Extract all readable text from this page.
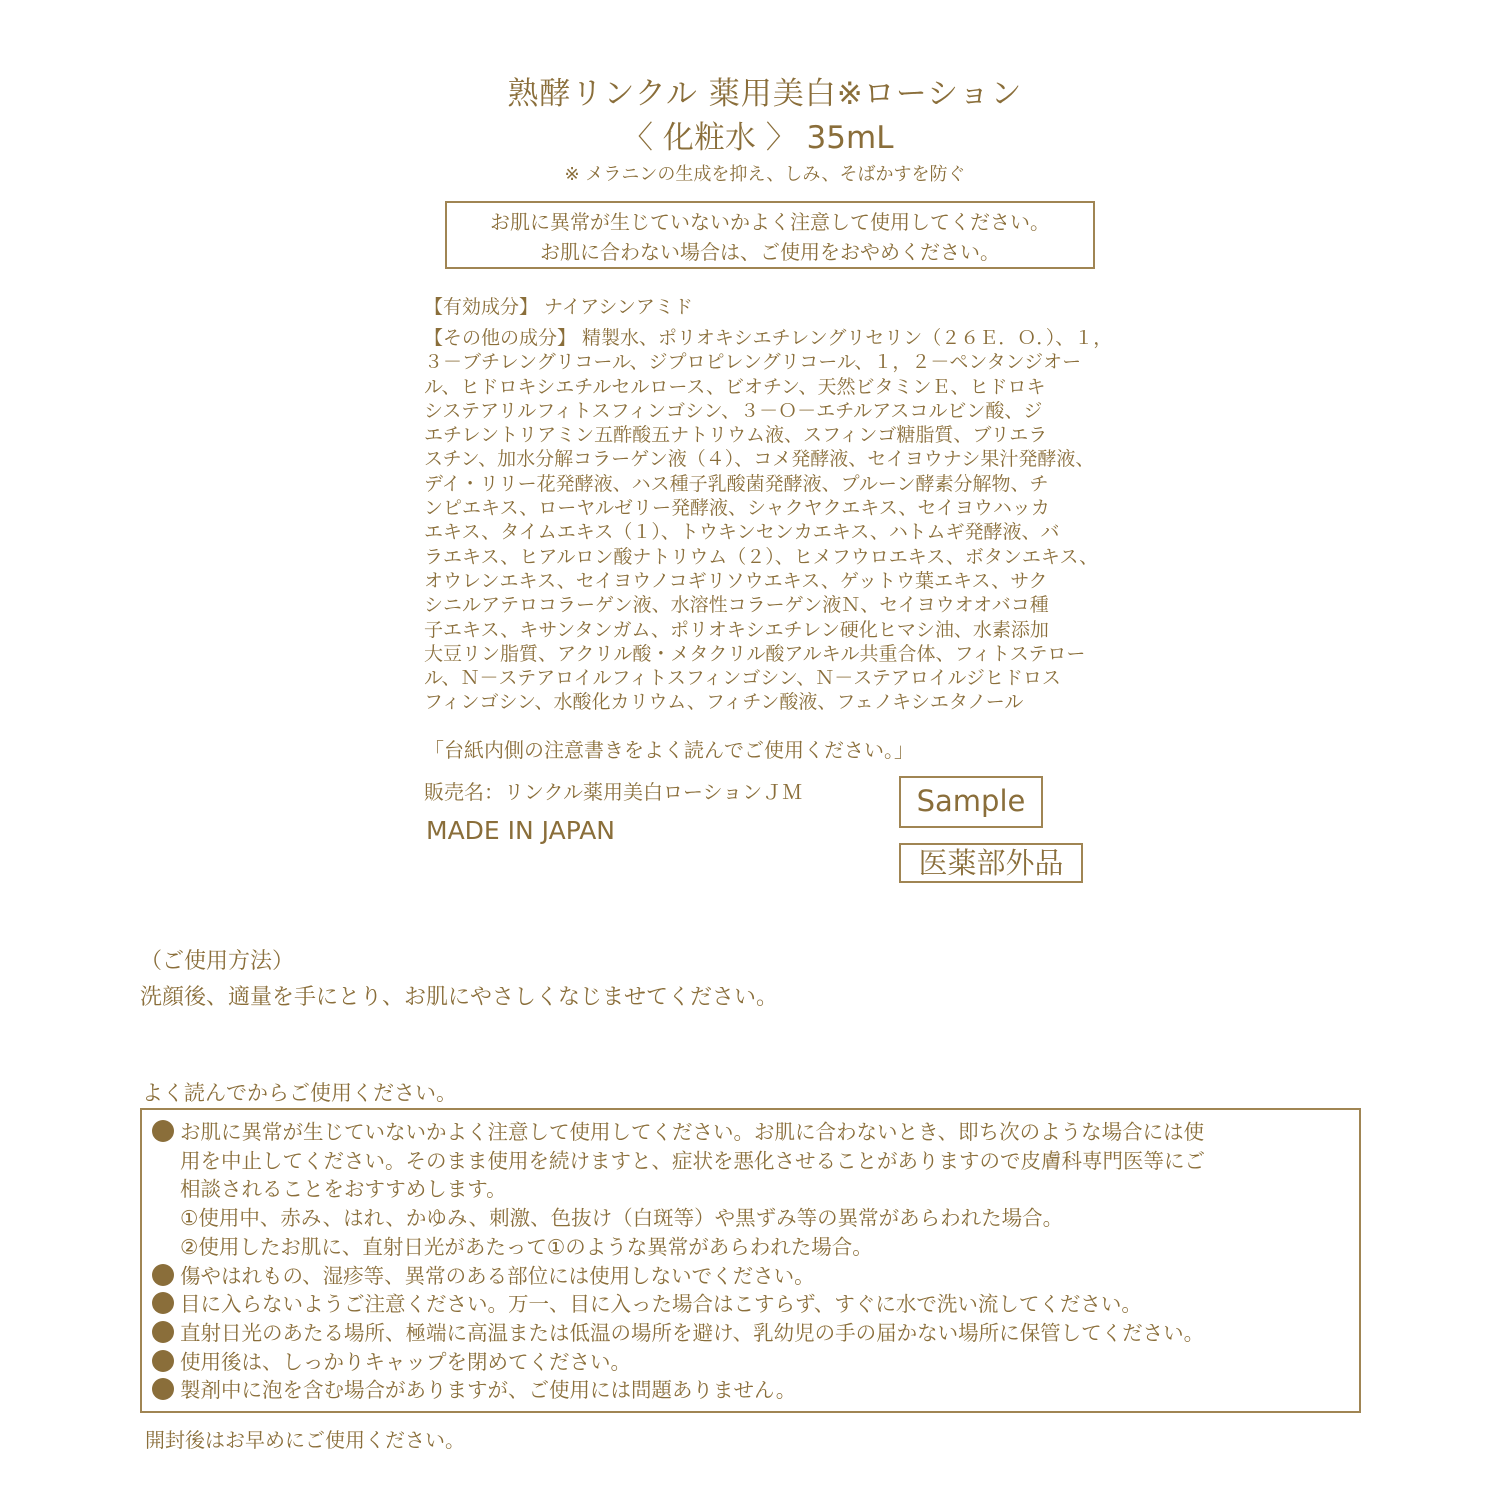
熟酵リンクル 薬用美白※ローション
〈 化粧水 〉 35mL
※ メラニンの生成を抑え、しみ、そばかすを防ぐ
お肌に異常が生じていないかよく注意して使用してください。
お肌に合わない場合は、ご使用をおやめください。
【有効成分】 ナイアシンアミド
【その他の成分】 精製水、ポリオキシエチレングリセリン（２６Ｅ．Ｏ．）、１，
３－ブチレングリコール、ジプロピレングリコール、１，２－ペンタンジオー
ル、ヒドロキシエチルセルロース、ビオチン、天然ビタミンＥ、ヒドロキ
システアリルフィトスフィンゴシン、３－Ｏ－エチルアスコルビン酸、ジ
エチレントリアミン五酢酸五ナトリウム液、スフィンゴ糖脂質、ブリエラ
スチン、加水分解コラーゲン液（４）、コメ発酵液、セイヨウナシ果汁発酵液、
デイ・リリー花発酵液、ハス種子乳酸菌発酵液、プルーン酵素分解物、チ
ンピエキス、ローヤルゼリー発酵液、シャクヤクエキス、セイヨウハッカ
エキス、タイムエキス（１）、トウキンセンカエキス、ハトムギ発酵液、バ
ラエキス、ヒアルロン酸ナトリウム（２）、ヒメフウロエキス、ボタンエキス、
オウレンエキス、セイヨウノコギリソウエキス、ゲットウ葉エキス、サク
シニルアテロコラーゲン液、水溶性コラーゲン液Ｎ、セイヨウオオバコ種
子エキス、キサンタンガム、ポリオキシエチレン硬化ヒマシ油、水素添加
大豆リン脂質、アクリル酸・メタクリル酸アルキル共重合体、フィトステロー
ル、Ｎ－ステアロイルフィトスフィンゴシン、Ｎ－ステアロイルジヒドロス
フィンゴシン、水酸化カリウム、フィチン酸液、フェノキシエタノール
「台紙内側の注意書きをよく読んでご使用ください。」
販売名：リンクル薬用美白ローションＪＭ
MADE IN JAPAN
Sample
医薬部外品
（ご使用方法）
洗顔後、適量を手にとり、お肌にやさしくなじませてください。
よく読んでからご使用ください。
お肌に異常が生じていないかよく注意して使用してください。お肌に合わないとき、即ち次のような場合には使
用を中止してください。そのまま使用を続けますと、症状を悪化させることがありますので皮膚科専門医等にご
相談されることをおすすめします。
①使用中、赤み、はれ、かゆみ、刺激、色抜け（白斑等）や黒ずみ等の異常があらわれた場合。
②使用したお肌に、直射日光があたって①のような異常があらわれた場合。
傷やはれもの、湿疹等、異常のある部位には使用しないでください。
目に入らないようご注意ください。万一、目に入った場合はこすらず、すぐに水で洗い流してください。
直射日光のあたる場所、極端に高温または低温の場所を避け、乳幼児の手の届かない場所に保管してください。
使用後は、しっかりキャップを閉めてください。
製剤中に泡を含む場合がありますが、ご使用には問題ありません。
開封後はお早めにご使用ください。
